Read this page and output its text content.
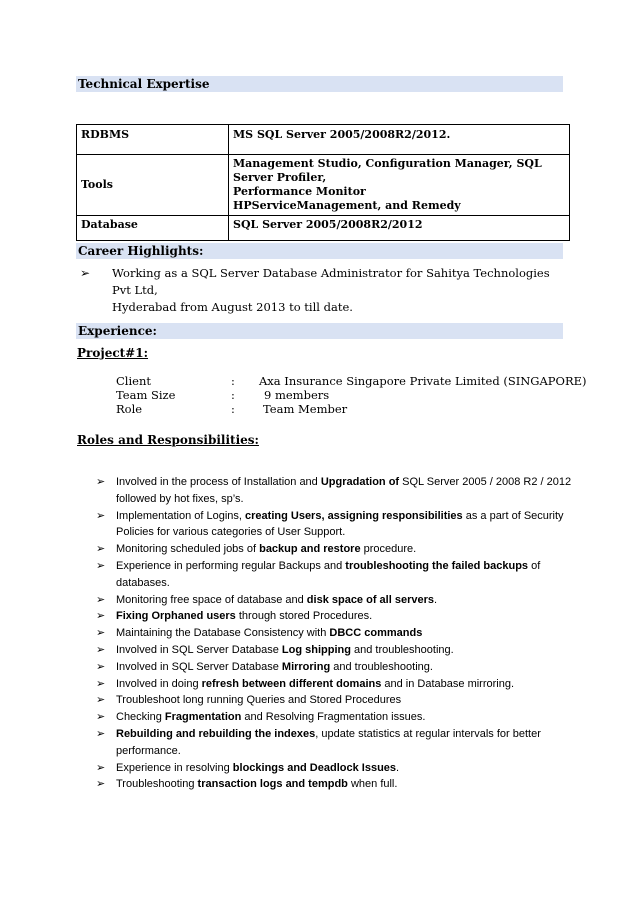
Technical Expertise
RDBMS	MS SQL Server 2005/2008R2/2012.

Tools	Management Studio, Configuration Manager, SQL Server Profiler,
Performance Monitor
HPServiceManagement, and Remedy

Database	SQL Server 2005/2008R2/2012
Career Highlights:
➢ Working as a SQL Server Database Administrator for Sahitya Technologies Pvt Ltd,
Hyderabad from August 2013 to till date.
Experience:
Project#1:
Client	: Axa Insurance Singapore Private Limited (SINGAPORE)
Team Size	:	9 members
Role	: Team Member
Roles and Responsibilities:
➢ Involved in the process of Installation and Upgradation of SQL Server 2005 / 2008 R2 / 2012 followed by hot fixes, sp’s.
➢ Implementation of Logins, creating Users, assigning responsibilities as a part of Security Policies for various categories of User Support.
➢ Monitoring scheduled jobs of backup and restore procedure.
➢ Experience in performing regular Backups and troubleshooting the failed backups of databases.
➢ Monitoring free space of database and disk space of all servers.
➢ Fixing Orphaned users through stored Procedures.
➢ Maintaining the Database Consistency with DBCC commands
➢ Involved in SQL Server Database Log shipping and troubleshooting.
➢ Involved in SQL Server Database Mirroring and troubleshooting.
➢ Involved in doing refresh between different domains and in Database mirroring.
➢ Troubleshoot long running Queries and Stored Procedures
➢ Checking Fragmentation and Resolving Fragmentation issues.
➢ Rebuilding and rebuilding the indexes, update statistics at regular intervals for better performance.
➢ Experience in resolving blockings and Deadlock Issues.
➢ Troubleshooting transaction logs and tempdb when full.
